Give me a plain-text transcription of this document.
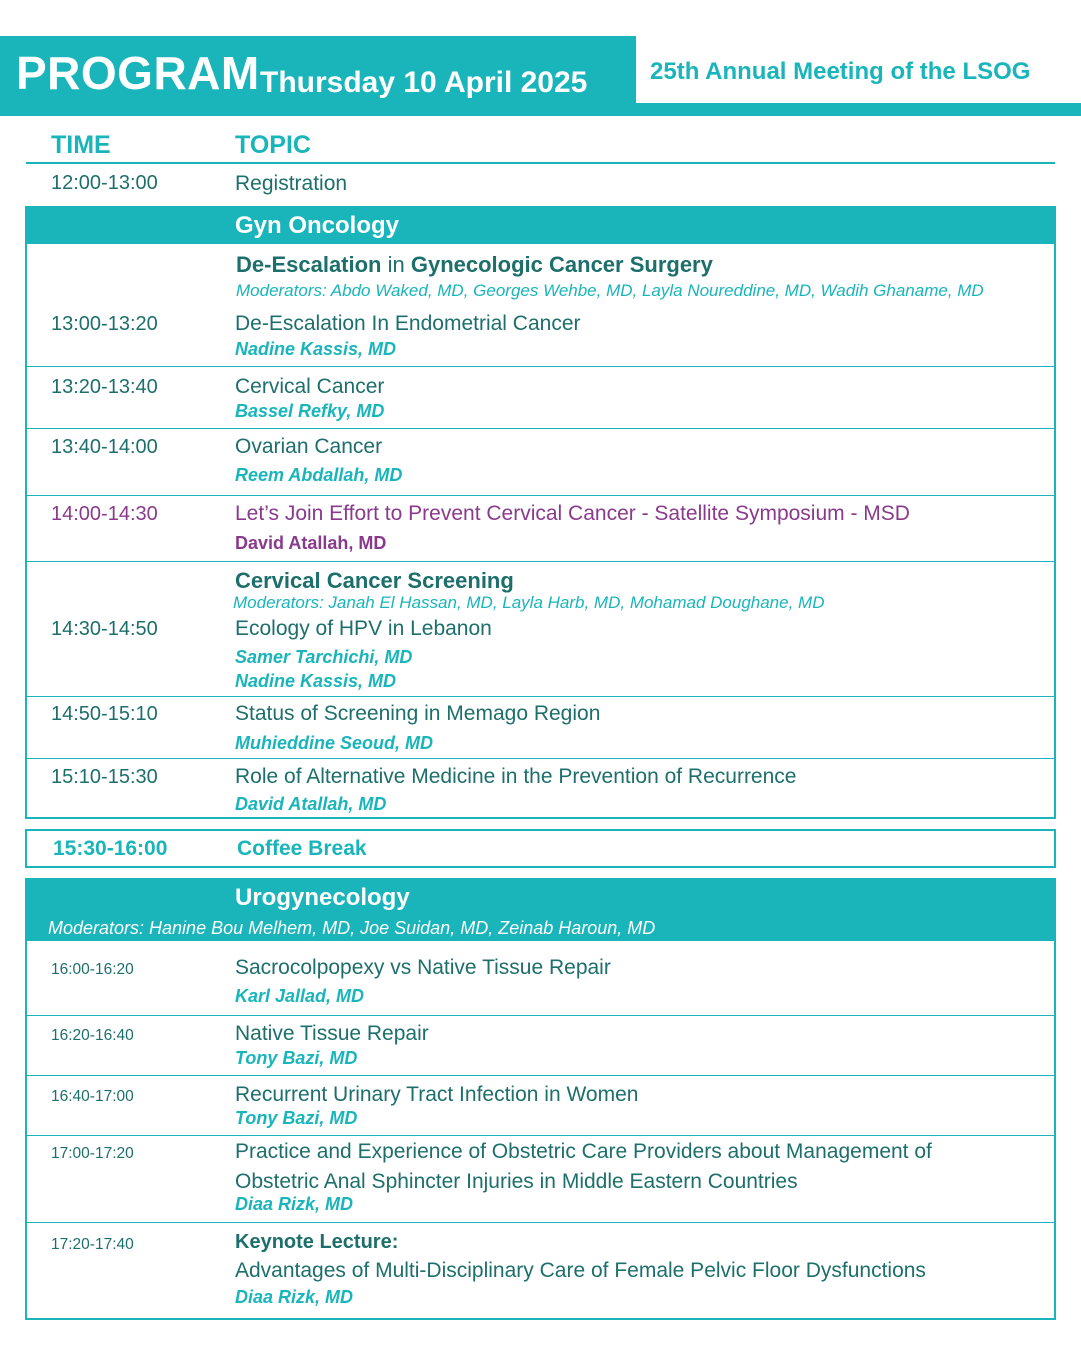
PROGRAM Thursday 10 April 2025	25th Annual Meeting of the LSOG
TIME	TOPIC
12:00-13:00	Registration
Gyn Oncology
De-Escalation in Gynecologic Cancer Surgery
Moderators: Abdo Waked, MD, Georges Wehbe, MD, Layla Noureddine, MD, Wadih Ghaname, MD
13:00-13:20	De-Escalation In Endometrial Cancer
Nadine Kassis, MD
13:20-13:40	Cervical Cancer
Bassel Refky, MD
13:40-14:00	Ovarian Cancer
Reem Abdallah, MD
14:00-14:30	Let’s Join Effort to Prevent Cervical Cancer - Satellite Symposium - MSD
David Atallah, MD
Cervical Cancer Screening
Moderators: Janah El Hassan, MD, Layla Harb, MD, Mohamad Doughane, MD
14:30-14:50	Ecology of HPV in Lebanon
Samer Tarchichi, MD
Nadine Kassis, MD
14:50-15:10	Status of Screening in Memago Region
Muhieddine Seoud, MD
15:10-15:30	Role of Alternative Medicine in the Prevention of Recurrence
David Atallah, MD
15:30-16:00	Coffee Break
Urogynecology
Moderators: Hanine Bou Melhem, MD, Joe Suidan, MD, Zeinab Haroun, MD
16:00-16:20	Sacrocolpopexy vs Native Tissue Repair
Karl Jallad, MD
16:20-16:40	Native Tissue Repair
Tony Bazi, MD
16:40-17:00	Recurrent Urinary Tract Infection in Women
Tony Bazi, MD
17:00-17:20	Practice and Experience of Obstetric Care Providers about Management of
Obstetric Anal Sphincter Injuries in Middle Eastern Countries
Diaa Rizk, MD
17:20-17:40	Keynote Lecture:
Advantages of Multi-Disciplinary Care of Female Pelvic Floor Dysfunctions
Diaa Rizk, MD
